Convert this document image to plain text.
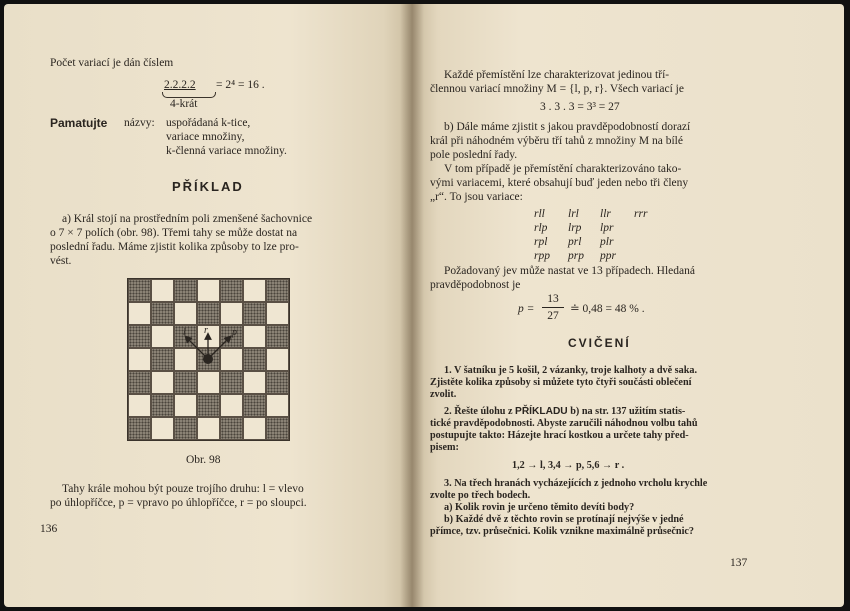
Počet variací je dán číslem
2.2.2.2 = 2⁴ = 16 .
4-krát
Pamatujte názvy: uspořádaná k-tice,
variace množiny,
k-členná variace množiny.
PŘÍKLAD
a) Král stojí na prostředním poli zmenšené šachovnice
o 7 × 7 polích (obr. 98). Třemi tahy se může dostat na
poslední řadu. Máme zjistit kolika způsoby to lze pro-
vést.
l r p
Obr. 98
Tahy krále mohou být pouze trojího druhu: l = vlevo
po úhlopříčce, p = vpravo po úhlopříčce, r = po sloupci.
136
Každé přemístění lze charakterizovat jedinou tří-
člennou variací množiny M = {l, p, r}. Všech variací je
3 . 3 . 3 = 3³ = 27
b) Dále máme zjistit s jakou pravděpodobností dorazí
král při náhodném výběru tří tahů z množiny M na bílé
pole poslední řady.
V tom případě je přemístění charakterizováno tako-
vými variacemi, které obsahují buď jeden nebo tři členy
„r“. To jsou variace:
rll lrl llr rrr
rlp lrp lpr
rpl prl plr
rpp prp ppr
Požadovaný jev může nastat ve 13 případech. Hledaná
pravděpodobnost je
p =
13
27
≐ 0,48 = 48 % .
CVIČENÍ
1. V šatníku je 5 košil, 2 vázanky, troje kalhoty a dvě saka.
Zjistěte kolika způsoby si můžete tyto čtyři součásti oblečení
zvolit.
2. Řešte úlohu z PŘÍKLADU b) na str. 137 užitím statis-
tické pravděpodobnosti. Abyste zaručili náhodnou volbu tahů
postupujte takto: Házejte hrací kostkou a určete tahy před-
pisem:
1,2 → l, 3,4 → p, 5,6 → r .
3. Na třech hranách vycházejících z jednoho vrcholu krychle
zvolte po třech bodech.
a) Kolik rovin je určeno těmito devíti body?
b) Každé dvě z těchto rovin se protínají nejvýše v jedné
přímce, tzv. průsečnici. Kolik vznikne maximálně průsečnic?
137
